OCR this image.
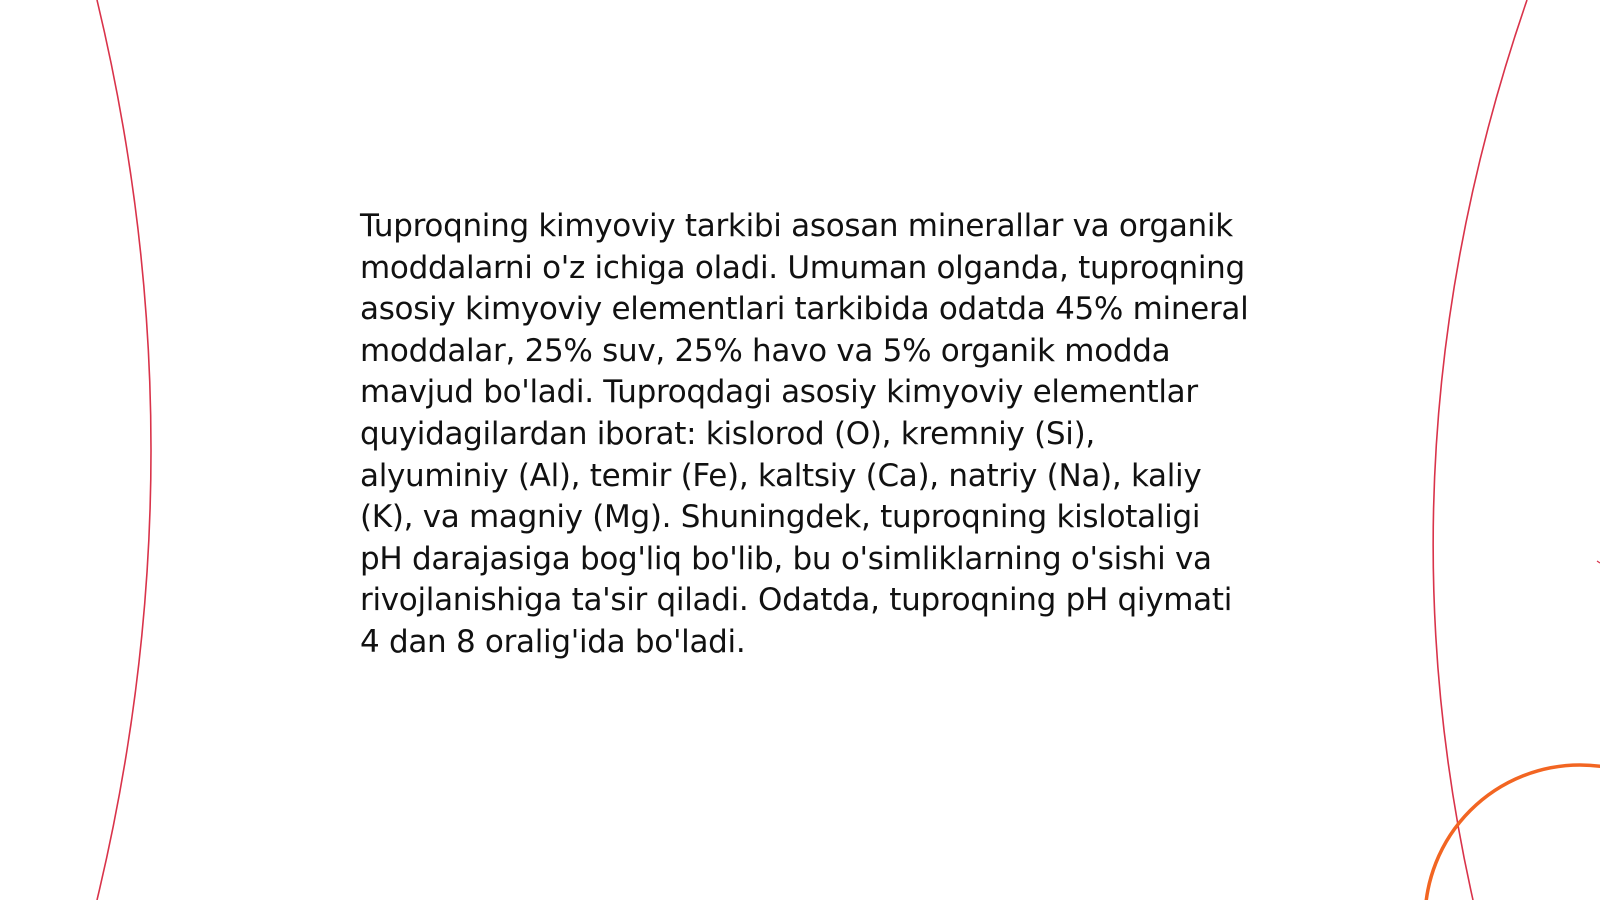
Tuproqning kimyoviy tarkibi asosan minerallar va organik moddalarni o'z ichiga oladi. Umuman olganda, tuproqning asosiy kimyoviy elementlari tarkibida odatda 45% mineral moddalar, 25% suv, 25% havo va 5% organik modda mavjud bo'ladi. Tuproqdagi asosiy kimyoviy elementlar quyidagilardan iborat: kislorod (O), kremniy (Si), alyuminiy (Al), temir (Fe), kaltsiy (Ca), natriy (Na), kaliy (K), va magniy (Mg). Shuningdek, tuproqning kislotaligi pH darajasiga bog'liq bo'lib, bu o'simliklarning o'sishi va rivojlanishiga ta'sir qiladi. Odatda, tuproqning pH qiymati 4 dan 8 oralig'ida bo'ladi.
